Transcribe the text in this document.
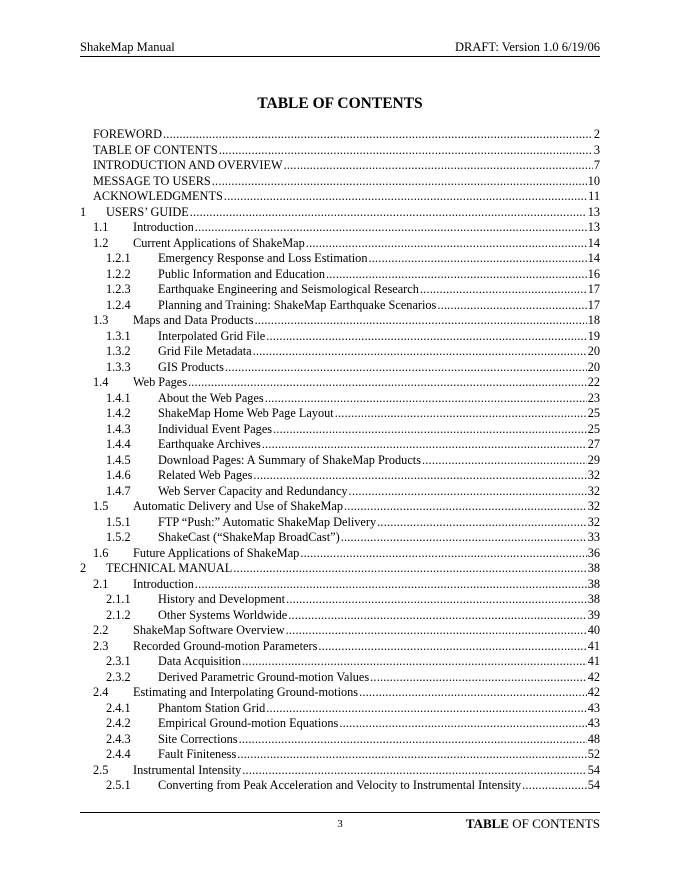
ShakeMap Manual	DRAFT: Version 1.0 6/19/06
TABLE OF CONTENTS
FOREWORD .....	2
TABLE OF CONTENTS .....	3
INTRODUCTION AND OVERVIEW .....	7
MESSAGE TO USERS .....	10
ACKNOWLEDGMENTS .....	11
1	USERS’ GUIDE .....	13
1.1	Introduction .....	13
1.2	Current Applications of ShakeMap .....	14
1.2.1	Emergency Response and Loss Estimation .....	14
1.2.2	Public Information and Education .....	16
1.2.3	Earthquake Engineering and Seismological Research .....	17
1.2.4	Planning and Training: ShakeMap Earthquake Scenarios .....	17
1.3	Maps and Data Products .....	18
1.3.1	Interpolated Grid File .....	19
1.3.2	Grid File Metadata .....	20
1.3.3	GIS Products .....	20
1.4	Web Pages .....	22
1.4.1	About the Web Pages .....	23
1.4.2	ShakeMap Home Web Page Layout .....	25
1.4.3	Individual Event Pages .....	25
1.4.4	Earthquake Archives .....	27
1.4.5	Download Pages: A Summary of ShakeMap Products .....	29
1.4.6	Related Web Pages .....	32
1.4.7	Web Server Capacity and Redundancy .....	32
1.5	Automatic Delivery and Use of ShakeMap .....	32
1.5.1	FTP “Push:” Automatic ShakeMap Delivery .....	32
1.5.2	ShakeCast (“ShakeMap BroadCast”) .....	33
1.6	Future Applications of ShakeMap .....	36
2	TECHNICAL MANUAL .....	38
2.1	Introduction .....	38
2.1.1	History and Development .....	38
2.1.2	Other Systems Worldwide .....	39
2.2	ShakeMap Software Overview .....	40
2.3	Recorded Ground-motion Parameters .....	41
2.3.1	Data Acquisition .....	41
2.3.2	Derived Parametric Ground-motion Values .....	42
2.4	Estimating and Interpolating Ground-motions .....	42
2.4.1	Phantom Station Grid .....	43
2.4.2	Empirical Ground-motion Equations .....	43
2.4.3	Site Corrections .....	48
2.4.4	Fault Finiteness .....	52
2.5	Instrumental Intensity .....	54
2.5.1	Converting from Peak Acceleration and Velocity to Instrumental Intensity .....	54
3	TABLE OF CONTENTS
